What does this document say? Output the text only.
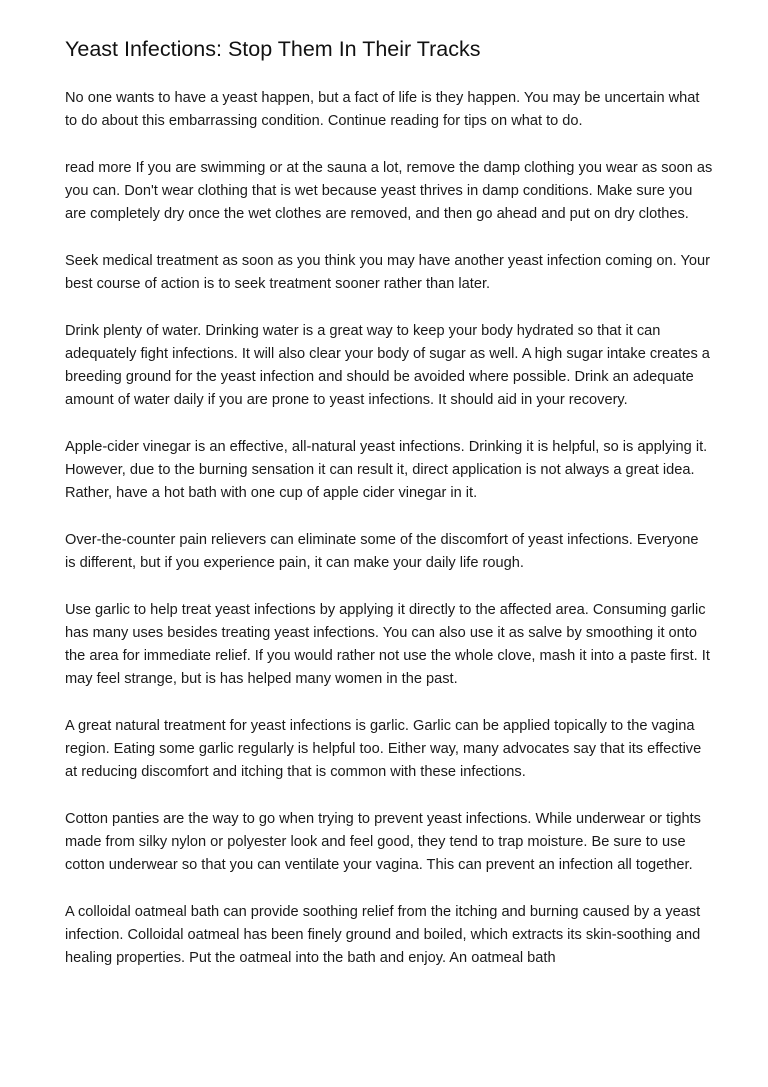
Yeast Infections: Stop Them In Their Tracks

No one wants to have a yeast happen, but a fact of life is they happen. You may be uncertain what to do about this embarrassing condition. Continue reading for tips on what to do.

read more If you are swimming or at the sauna a lot, remove the damp clothing you wear as soon as you can. Don't wear clothing that is wet because yeast thrives in damp conditions. Make sure you are completely dry once the wet clothes are removed, and then go ahead and put on dry clothes.

Seek medical treatment as soon as you think you may have another yeast infection coming on. Your best course of action is to seek treatment sooner rather than later.

Drink plenty of water. Drinking water is a great way to keep your body hydrated so that it can adequately fight infections. It will also clear your body of sugar as well. A high sugar intake creates a breeding ground for the yeast infection and should be avoided where possible. Drink an adequate amount of water daily if you are prone to yeast infections. It should aid in your recovery.

Apple-cider vinegar is an effective, all-natural yeast infections. Drinking it is helpful, so is applying it. However, due to the burning sensation it can result it, direct application is not always a great idea. Rather, have a hot bath with one cup of apple cider vinegar in it.

Over-the-counter pain relievers can eliminate some of the discomfort of yeast infections. Everyone is different, but if you experience pain, it can make your daily life rough.

Use garlic to help treat yeast infections by applying it directly to the affected area. Consuming garlic has many uses besides treating yeast infections. You can also use it as salve by smoothing it onto the area for immediate relief. If you would rather not use the whole clove, mash it into a paste first. It may feel strange, but is has helped many women in the past.

A great natural treatment for yeast infections is garlic. Garlic can be applied topically to the vagina region. Eating some garlic regularly is helpful too. Either way, many advocates say that its effective at reducing discomfort and itching that is common with these infections.

Cotton panties are the way to go when trying to prevent yeast infections. While underwear or tights made from silky nylon or polyester look and feel good, they tend to trap moisture. Be sure to use cotton underwear so that you can ventilate your vagina. This can prevent an infection all together.

A colloidal oatmeal bath can provide soothing relief from the itching and burning caused by a yeast infection. Colloidal oatmeal has been finely ground and boiled, which extracts its skin-soothing and healing properties. Put the oatmeal into the bath and enjoy. An oatmeal bath
